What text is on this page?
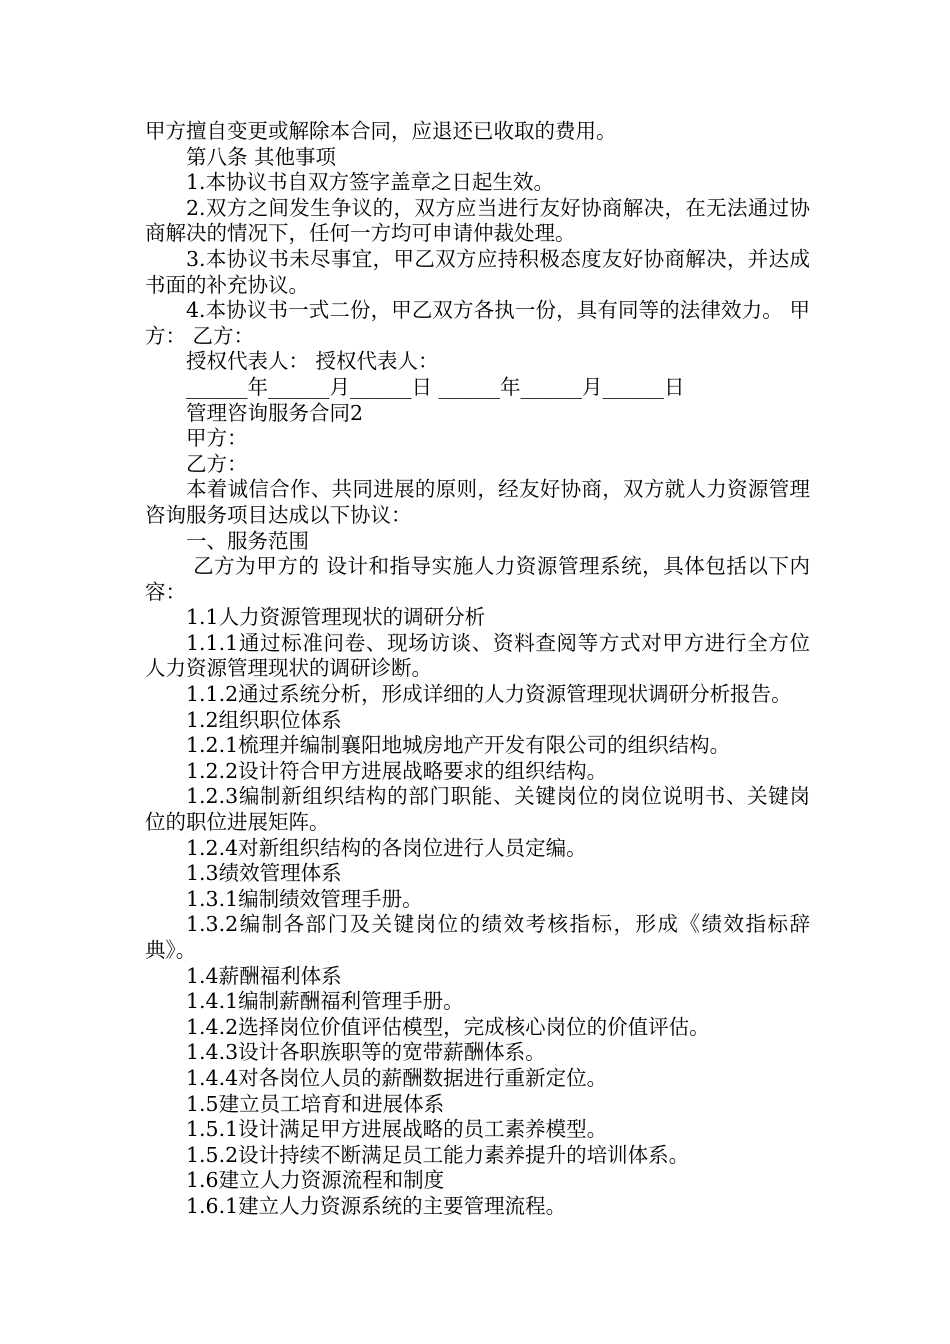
甲方擅自变更或解除本合同，应退还已收取的费用。

第八条 其他事项

1.本协议书自双方签字盖章之日起生效。

2.双方之间发生争议的，双方应当进行友好协商解决，在无法通过协商解决的情况下，任何一方均可申请仲裁处理。

3.本协议书未尽事宜，甲乙双方应持积极态度友好协商解决，并达成书面的补充协议。

4.本协议书一式二份，甲乙双方各执一份，具有同等的法律效力。 甲方： 乙方：

授权代表人： 授权代表人：

______年______月______日 ______年______月______日

管理咨询服务合同2

甲方：

乙方：

本着诚信合作、共同进展的原则，经友好协商，双方就人力资源管理咨询服务项目达成以下协议：

一、服务范围

乙方为甲方的 设计和指导实施人力资源管理系统，具体包括以下内容：

1.1人力资源管理现状的调研分析

1.1.1通过标准问卷、现场访谈、资料查阅等方式对甲方进行全方位人力资源管理现状的调研诊断。

1.1.2通过系统分析，形成详细的人力资源管理现状调研分析报告。

1.2组织职位体系

1.2.1梳理并编制襄阳地城房地产开发有限公司的组织结构。

1.2.2设计符合甲方进展战略要求的组织结构。

1.2.3编制新组织结构的部门职能、关键岗位的岗位说明书、关键岗位的职位进展矩阵。

1.2.4对新组织结构的各岗位进行人员定编。

1.3绩效管理体系

1.3.1编制绩效管理手册。

1.3.2编制各部门及关键岗位的绩效考核指标，形成《绩效指标辞典》。

1.4薪酬福利体系

1.4.1编制薪酬福利管理手册。

1.4.2选择岗位价值评估模型，完成核心岗位的价值评估。

1.4.3设计各职族职等的宽带薪酬体系。

1.4.4对各岗位人员的薪酬数据进行重新定位。

1.5建立员工培育和进展体系

1.5.1设计满足甲方进展战略的员工素养模型。

1.5.2设计持续不断满足员工能力素养提升的培训体系。

1.6建立人力资源流程和制度

1.6.1建立人力资源系统的主要管理流程。
